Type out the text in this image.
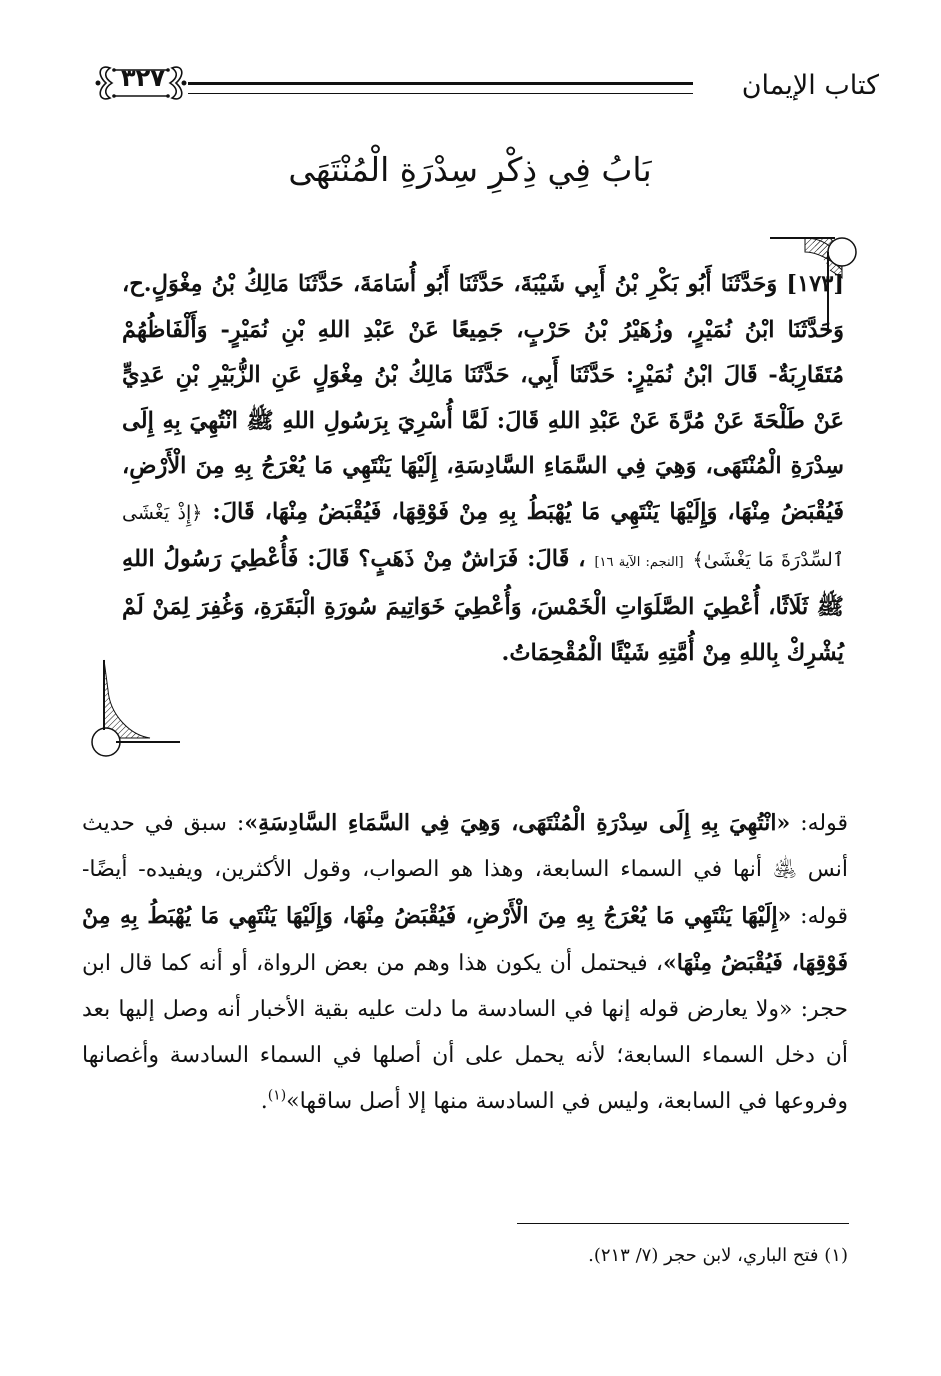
كتاب الإيمان
٣٢٧
بَابُ فِي ذِكْرِ سِدْرَةِ الْمُنْتَهَى

[١٧٣] وَحَدَّثَنَا أَبُو بَكْرِ بْنُ أَبِي شَيْبَةَ، حَدَّثَنَا أَبُو أُسَامَةَ، حَدَّثَنَا مَالِكُ بْنُ مِغْوَلٍ.ح، وَحَدَّثَنَا ابْنُ نُمَيْرٍ، وزُهَيْرُ بْنُ حَرْبٍ، جَمِيعًا عَنْ عَبْدِ اللهِ بْنِ نُمَيْرٍ- وَأَلْفَاظُهُمْ مُتَقَارِبَةٌ- قَالَ ابْنُ نُمَيْرٍ: حَدَّثَنَا أَبِي، حَدَّثَنَا مَالِكُ بْنُ مِغْوَلٍ عَنِ الزُّبَيْرِ بْنِ عَدِيٍّ عَنْ طَلْحَةَ عَنْ مُرَّةَ عَنْ عَبْدِ اللهِ قَالَ: لَمَّا أُسْرِيَ بِرَسُولِ اللهِ ﷺ انْتُهِيَ بِهِ إِلَى سِدْرَةِ الْمُنْتَهَى، وَهِيَ فِي السَّمَاءِ السَّادِسَةِ، إِلَيْهَا يَنْتَهِي مَا يُعْرَجُ بِهِ مِنَ الْأَرْضِ، فَيُقْبَضُ مِنْهَا، وَإِلَيْهَا يَنْتَهِي مَا يُهْبَطُ بِهِ مِنْ فَوْقِهَا، فَيُقْبَضُ مِنْهَا، قَالَ: ﴿إِذْ يَغْشَى ٱلسِّدْرَةَ مَا يَغْشَىٰ﴾ [النجم: الآية ١٦] ، قَالَ: فَرَاشٌ مِنْ ذَهَبٍ؟ قَالَ: فَأُعْطِيَ رَسُولُ اللهِ ﷺ ثَلَاثًا، أُعْطِيَ الصَّلَوَاتِ الْخَمْسَ، وَأُعْطِيَ خَوَاتِيمَ سُورَةِ الْبَقَرَةِ، وَغُفِرَ لِمَنْ لَمْ يُشْرِكْ بِاللهِ مِنْ أُمَّتِهِ شَيْئًا الْمُقْحِمَاتُ.

قوله: «انْتُهِيَ بِهِ إِلَى سِدْرَةِ الْمُنْتَهَى، وَهِيَ فِي السَّمَاءِ السَّادِسَةِ»: سبق في حديث أنس ﵁ أنها في السماء السابعة، وهذا هو الصواب، وقول الأكثرين، ويفيده- أيضًا- قوله: «إِلَيْهَا يَنْتَهِي مَا يُعْرَجُ بِهِ مِنَ الْأَرْضِ، فَيُقْبَضُ مِنْهَا، وَإِلَيْهَا يَنْتَهِي مَا يُهْبَطُ بِهِ مِنْ فَوْقِهَا، فَيُقْبَضُ مِنْهَا»، فيحتمل أن يكون هذا وهم من بعض الرواة، أو أنه كما قال ابن حجر: «ولا يعارض قوله إنها في السادسة ما دلت عليه بقية الأخبار أنه وصل إليها بعد أن دخل السماء السابعة؛ لأنه يحمل على أن أصلها في السماء السادسة وأغصانها وفروعها في السابعة، وليس في السادسة منها إلا أصل ساقها»$^{(١)}$.

(١) فتح الباري، لابن حجر (٧/ ٢١٣).
